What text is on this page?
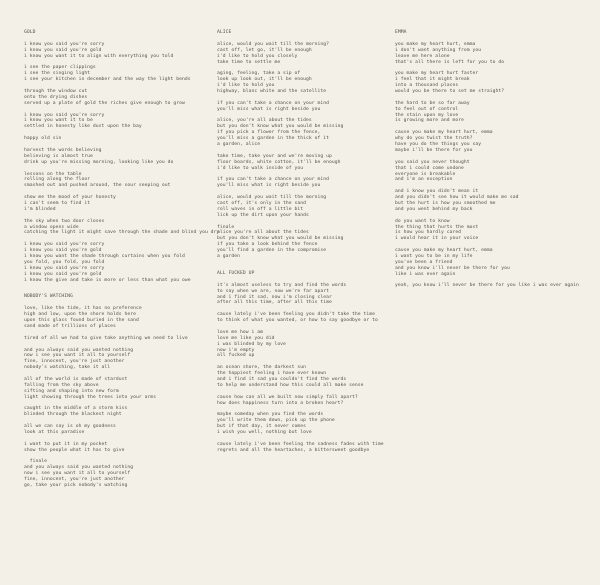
GOLD
i know you said you're sorry
i know you said you're gold
i know you want it to align with everything you told
i see the paper clippings
i see the singing light
i see your kitchen in december and the way the light bends
through the window cut
onto the drying dishes
served up a plate of gold the riches give enough to grow
i know you said you're sorry
i know you want it to be
settled in honesty like dust upon the bay
happy old sin
harvest the words believing
believing is almost true
drink up you're missing morning, looking like you do
lessons on the table
rolling along the floor
smashed out and pushed around, the sour seeping out
show me the mood of your honesty
i can't seem to find it
i'm blinded
the sky when two door closes
a window opens wide
catching the light it might save through the shade and blind you dry
i know you said you're sorry
i know you said you're gold
i know you want the shade through curtains when you fold
you fold, you fold, you fold
i know you said you're sorry
i know you said you're gold
i know the give and take is more or less than what you owe
NOBODY'S WATCHING
love, like the tide, it has no preference
high and low, upon the shore holds here
upon this glass found buried in the sand
sand made of trillions of places
tired of all we had to give take anything we need to live
and you always said you wanted nothing
now i see you want it all to yourself
fine, innocent, you're just another
nobody's watching, take it all
all of the world is made of stardust
falling from the sky above
sifting and shaping into new form
light showing through the trees into your arms
caught in the middle of a storm kiss
blinded through the blackest night
all we can say is oh my goodness
look at this paradise
i want to put it in my pocket
show the people what it has to give
finale
and you always said you wanted nothing
now i see you want it all to yourself
fine, innocent, you're just another
go, take your pick nobody's watching
ALICE
alice, would you wait till the morning?
cast off, let go, it'll be enough
i'd like to hold you closely
take time to settle me
aging, feeling, take a sip of
look up look out, it'll be enough
i'd like to hold you
highway, blanc white and the satellite
if you can't take a chance on your mind
you'll miss what is right beside you
alice, you're all about the tides
but you don't know what you would be missing
if you pick a flower from the fence,
you'll miss a garden in the thick of it
a garden, alice
take time, take your and we're moving up
floor boards, white cotton, it'll be enough
i'd like to walk inside of you
if you can't take a chance on your mind
you'll miss what is right beside you
alice, would you wait till the morning
cast off, it's only in the sand
roll waves in off a little bit
lick up the dirt upon your hands
finale
alice you're all about the tides
but you don't know what you would be missing
if you take a look behind the fence
you'll find a garden in the compromise
a garden
ALL FUCKED UP
it's almost useless to try and find the words
to say when we are, now we're far apart
and i find it sad, now i'm closing clear
after all this time, after all this time
cause lately i've been feeling you didn't take the time
to think of what you wanted, or how to say goodbye or to
love me how i am
love me like you did
i was blinded by my love
now i'm empty
all fucked up
an ocean shore, the darkest sun
the happiest feeling i have ever known
and i find it sad you couldn't find the words
to help me understand how this could all make sense
cause how can all we built now simply fall apart?
how does happiness turn into a broken heart?
maybe someday when you find the words
you'll write them down, pick up the phone
but if that day, it never comes
i wish you well, nothing but love
cause lately i've been feeling the sadness fades with time
regrets and all the heartaches, a bittersweet goodbye
EMMA
you make my heart hurt, emma
i don't want anything from you
leave me here alone
that's all there is left for you to do
you make my heart hurt faster
i feel that it might break
into a thousand places
would you be there to set me straight?
the hard to be so far away
to feel out of control
the stain upon my love
is growing more and more
cause you make my heart hurt, emma
why do you twist the truth?
have you do the things you say
maybe i'll be there for you
you said you never thought
that i could come undone
everyone is breakable
and i'm an exception
and i know you didn't mean it
and you didn't see how it would make me sad
but the hurt is how you smoothed me
and you went behind my back
do you want to know
the thing that hurts the most
is how you hardly cared
i would hear it in your voice
cause you make my heart hurt, emma
i want you to be in my life
you've been a friend
and you know i'll never be there for you
like i was ever again
yeah, you know i'll never be there for you like i was ever again
